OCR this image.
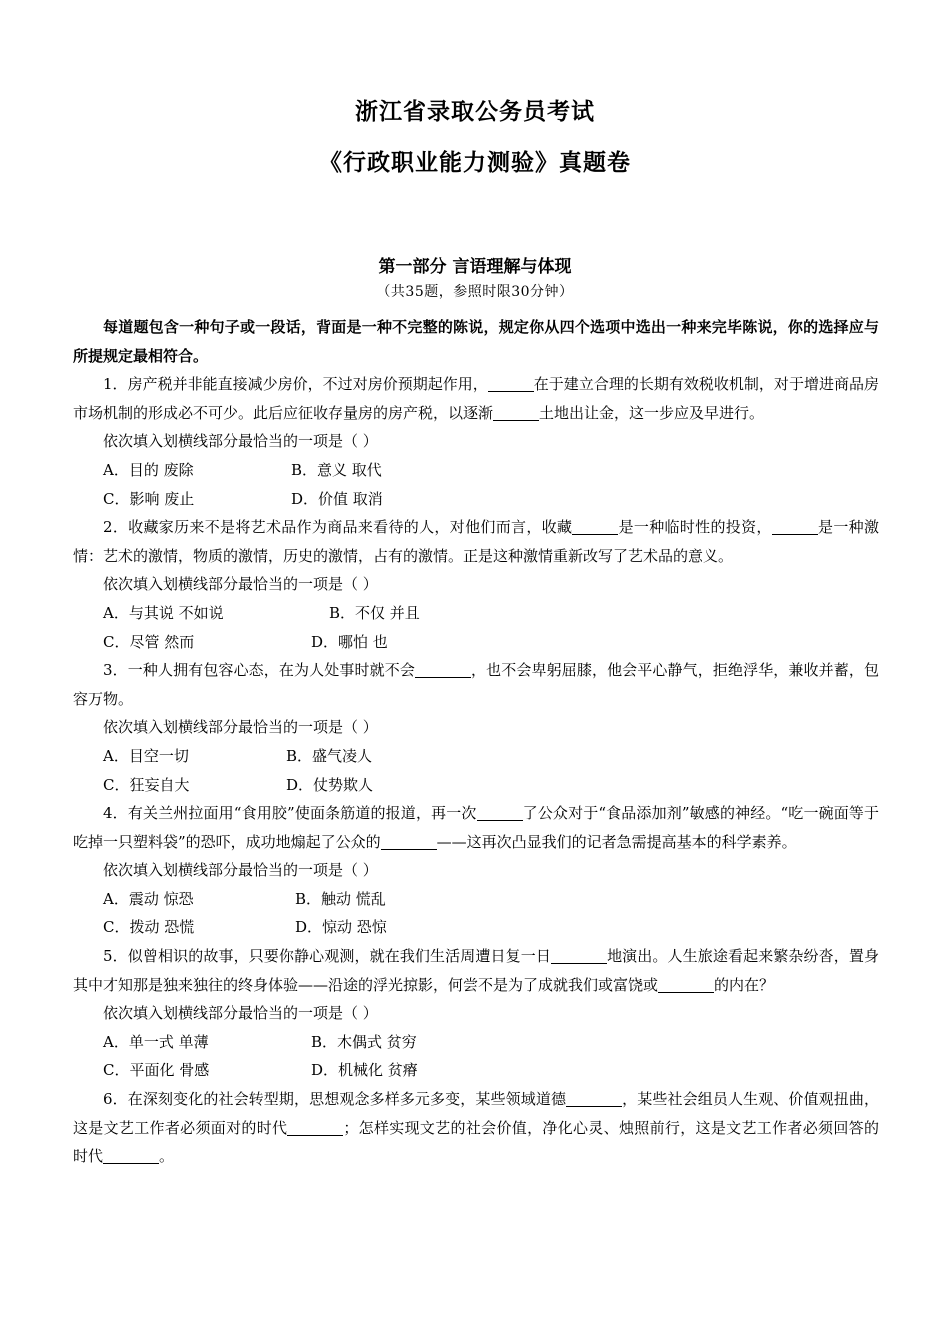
浙江省录取公务员考试
《行政职业能力测验》真题卷
第一部分 言语理解与体现
（共35题，参照时限30分钟）

每道题包含一种句子或一段话，背面是一种不完整的陈说，规定你从四个选项中选出一种来完毕陈说，你的选择应与所提规定最相符合。

1．房产税并非能直接减少房价，不过对房价预期起作用，	在于建立合理的长期有效税收机制，对于增进商品房市场机制的形成必不可少。此后应征收存量房的房产税，以逐渐	土地出让金，这一步应及早进行。

依次填入划横线部分最恰当的一项是（ ）

A．目的 废除	B．意义 取代

C．影响 废止	D．价值 取消

2．收藏家历来不是将艺术品作为商品来看待的人，对他们而言，收藏	是一种临时性的投资，	是一种激情：艺术的激情，物质的激情，历史的激情，占有的激情。正是这种激情重新改写了艺术品的意义。

依次填入划横线部分最恰当的一项是（ ）

A．与其说 不如说	B．不仅 并且

C．尽管 然而	D．哪怕 也

3．一种人拥有包容心态，在为人处事时就不会	，也不会卑躬屈膝，他会平心静气，拒绝浮华，兼收并蓄，包容万物。

依次填入划横线部分最恰当的一项是（ ）

A．目空一切	B．盛气凌人

C．狂妄自大	D．仗势欺人

4．有关兰州拉面用“食用胶”使面条筋道的报道，再一次	了公众对于“食品添加剂”敏感的神经。“吃一碗面等于吃掉一只塑料袋”的恐吓，成功地煽起了公众的	——这再次凸显我们的记者急需提高基本的科学素养。

依次填入划横线部分最恰当的一项是（ ）

A．震动 惊恐	B．触动 慌乱

C．拨动 恐慌	D．惊动 恐惊

5．似曾相识的故事，只要你静心观测，就在我们生活周遭日复一日	地演出。人生旅途看起来繁杂纷沓，置身其中才知那是独来独往的终身体验——沿途的浮光掠影，何尝不是为了成就我们或富饶或	的内在？

依次填入划横线部分最恰当的一项是（ ）

A．单一式 单薄	B．木偶式 贫穷

C．平面化 骨感	D．机械化 贫瘠

6．在深刻变化的社会转型期，思想观念多样多元多变，某些领域道德	，某些社会组员人生观、价值观扭曲，这是文艺工作者必须面对的时代	；怎样实现文艺的社会价值，净化心灵、烛照前行，这是文艺工作者必须回答的时代	。
